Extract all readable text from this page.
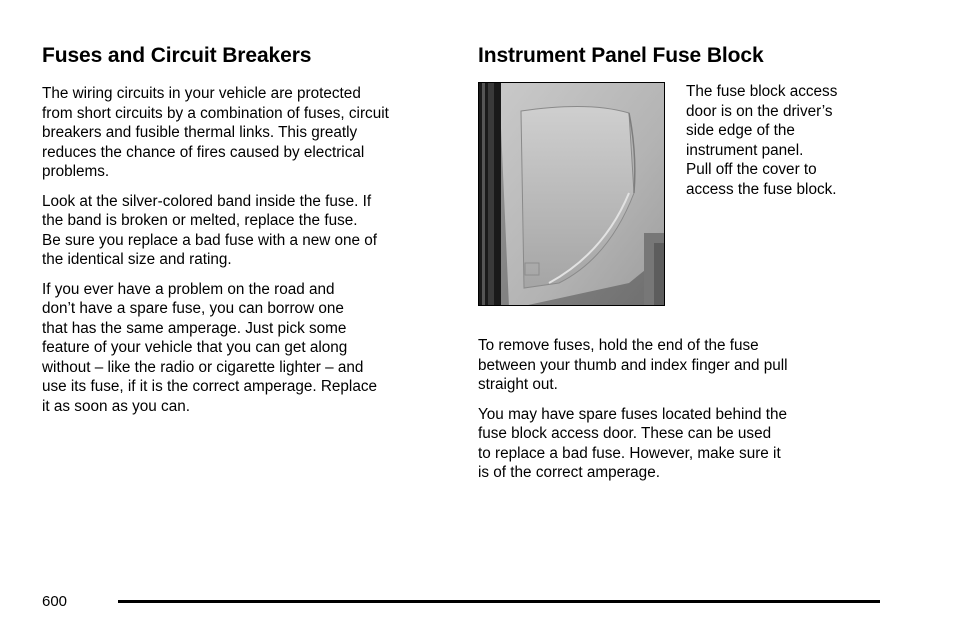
Fuses and Circuit Breakers

The wiring circuits in your vehicle are protected
from short circuits by a combination of fuses, circuit
breakers and fusible thermal links. This greatly
reduces the chance of fires caused by electrical
problems.

Look at the silver-colored band inside the fuse. If
the band is broken or melted, replace the fuse.
Be sure you replace a bad fuse with a new one of
the identical size and rating.

If you ever have a problem on the road and
don’t have a spare fuse, you can borrow one
that has the same amperage. Just pick some
feature of your vehicle that you can get along
without – like the radio or cigarette lighter – and
use its fuse, if it is the correct amperage. Replace
it as soon as you can.

Instrument Panel Fuse Block

The fuse block access
door is on the driver’s
side edge of the
instrument panel.
Pull off the cover to
access the fuse block.

To remove fuses, hold the end of the fuse
between your thumb and index finger and pull
straight out.

You may have spare fuses located behind the
fuse block access door. These can be used
to replace a bad fuse. However, make sure it
is of the correct amperage.

600
